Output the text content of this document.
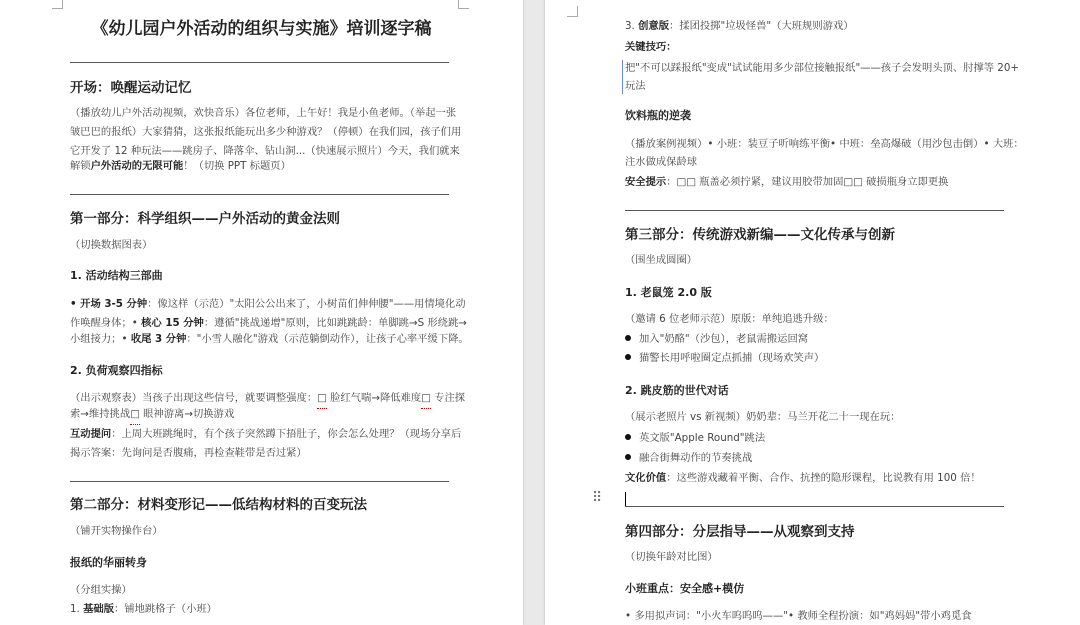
《幼儿园户外活动的组织与实施》培训逐字稿
开场：唤醒运动记忆
（播放幼儿户外活动视频，欢快音乐）各位老师，上午好！我是小鱼老师。（举起一张
皱巴巴的报纸）大家猜猜，这张报纸能玩出多少种游戏？（停顿）在我们园，孩子们用
它开发了 12 种玩法——跳房子、降落伞、钻山洞...（快速展示照片）今天，我们就来
解锁户外活动的无限可能！（切换 PPT 标题页）
第一部分：科学组织——户外活动的黄金法则
（切换数据图表）
1. 活动结构三部曲
• 开场 3-5 分钟：像这样（示范）"太阳公公出来了，小树苗们伸伸腰"——用情境化动
作唤醒身体；• 核心 15 分钟：遵循"挑战递增"原则，比如跳跳龄：单脚跳→S 形绕跳→
小组接力；• 收尾 3 分钟："小雪人融化"游戏（示范躺倒动作），让孩子心率平缓下降。
2. 负荷观察四指标
（出示观察表）当孩子出现这些信号，就要调整强度：□ 脸红气喘→降低难度□ 专注探
索→维持挑战□ 眼神游离→切换游戏
互动提问：上周大班跳绳时，有个孩子突然蹲下捂肚子，你会怎么处理？（现场分享后
揭示答案：先询问是否腹痛，再检查鞋带是否过紧）
第二部分：材料变形记——低结构材料的百变玩法
（铺开实物操作台）
报纸的华丽转身
（分组实操）
1. 基础版：铺地跳格子（小班）
3. 创意版：揉团投掷"垃圾怪兽"（大班规则游戏）
关键技巧：
把"不可以踩报纸"变成"试试能用多少部位接触报纸"——孩子会发明头顶、肘撑等 20+
玩法
饮料瓶的逆袭
（播放案例视频）• 小班：装豆子听响练平衡• 中班：垒高爆破（用沙包击倒）• 大班：
注水做成保龄球
安全提示：□□ 瓶盖必须拧紧，建议用胶带加固□□ 破损瓶身立即更换
第三部分：传统游戏新编——文化传承与创新
（围坐成圆圈）
1. 老鼠笼 2.0 版
（邀请 6 位老师示范）原版：单纯追逃升级：
加入"奶酪"（沙包），老鼠需搬运回窝
猫警长用呼啦圈定点抓捕（现场欢笑声）
2. 跳皮筋的世代对话
（展示老照片 vs 新视频）奶奶辈：马兰开花二十一现在玩：
英文版"Apple Round"跳法
融合街舞动作的节奏挑战
文化价值：这些游戏藏着平衡、合作、抗挫的隐形课程，比说教有用 100 倍！
⠿
第四部分：分层指导——从观察到支持
（切换年龄对比图）
小班重点：安全感+模仿
• 多用拟声词："小火车呜呜呜——"• 教师全程扮演：如"鸡妈妈"带小鸡觅食
